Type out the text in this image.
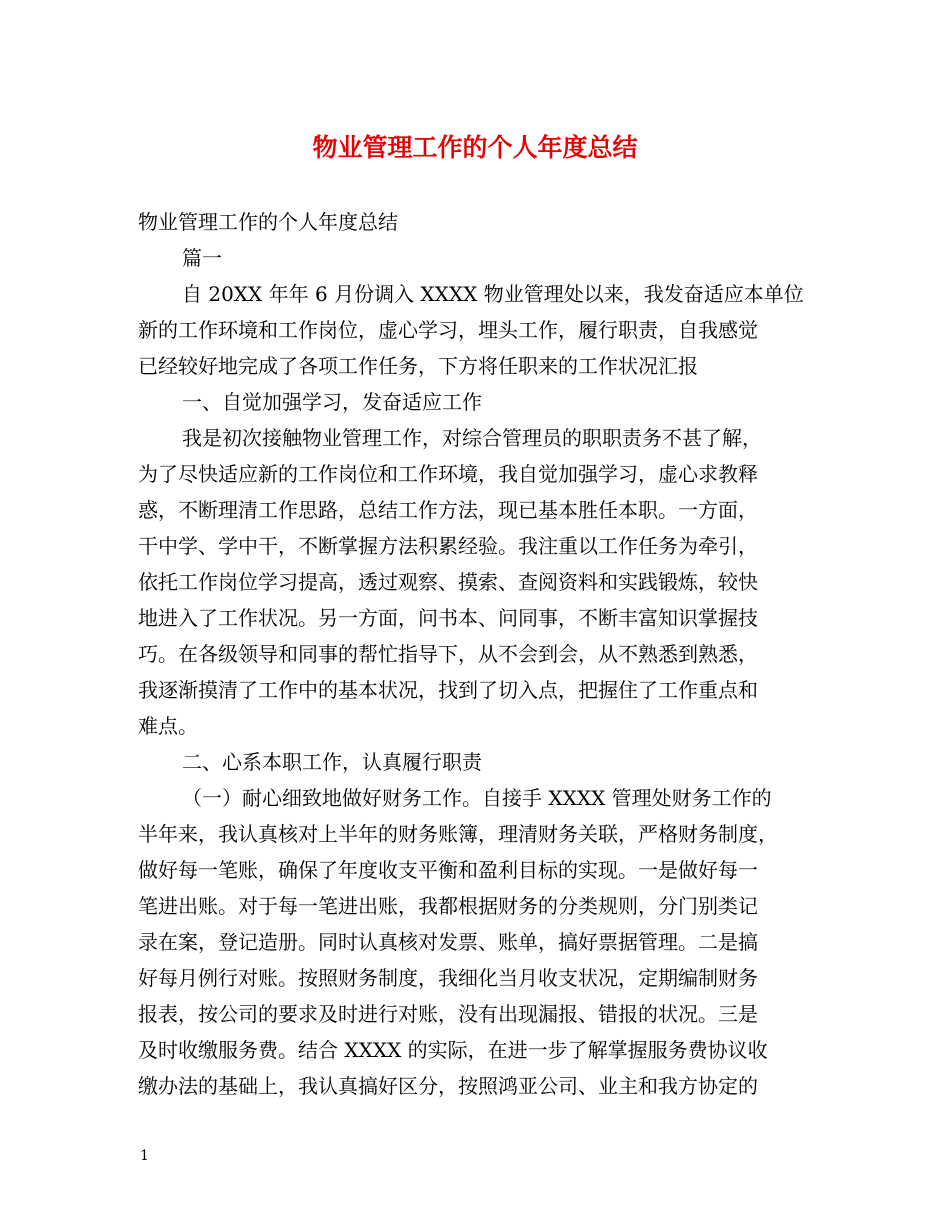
物业管理工作的个人年度总结
物业管理工作的个人年度总结
篇一
自 20XX 年年 6 月份调入 XXXX 物业管理处以来，我发奋适应本单位
新的工作环境和工作岗位，虚心学习，埋头工作，履行职责，自我感觉
已经较好地完成了各项工作任务，下方将任职来的工作状况汇报
一、自觉加强学习，发奋适应工作
我是初次接触物业管理工作，对综合管理员的职职责务不甚了解，
为了尽快适应新的工作岗位和工作环境，我自觉加强学习，虚心求教释
惑，不断理清工作思路，总结工作方法，现已基本胜任本职。一方面，
干中学、学中干，不断掌握方法积累经验。我注重以工作任务为牵引，
依托工作岗位学习提高，透过观察、摸索、查阅资料和实践锻炼，较快
地进入了工作状况。另一方面，问书本、问同事，不断丰富知识掌握技
巧。在各级领导和同事的帮忙指导下，从不会到会，从不熟悉到熟悉，
我逐渐摸清了工作中的基本状况，找到了切入点，把握住了工作重点和
难点。
二、心系本职工作，认真履行职责
（一）耐心细致地做好财务工作。自接手 XXXX 管理处财务工作的
半年来，我认真核对上半年的财务账簿，理清财务关联，严格财务制度，
做好每一笔账，确保了年度收支平衡和盈利目标的实现。一是做好每一
笔进出账。对于每一笔进出账，我都根据财务的分类规则，分门别类记
录在案，登记造册。同时认真核对发票、账单，搞好票据管理。二是搞
好每月例行对账。按照财务制度，我细化当月收支状况，定期编制财务
报表，按公司的要求及时进行对账，没有出现漏报、错报的状况。三是
及时收缴服务费。结合 XXXX 的实际，在进一步了解掌握服务费协议收
缴办法的基础上，我认真搞好区分，按照鸿亚公司、业主和我方协定的
1
